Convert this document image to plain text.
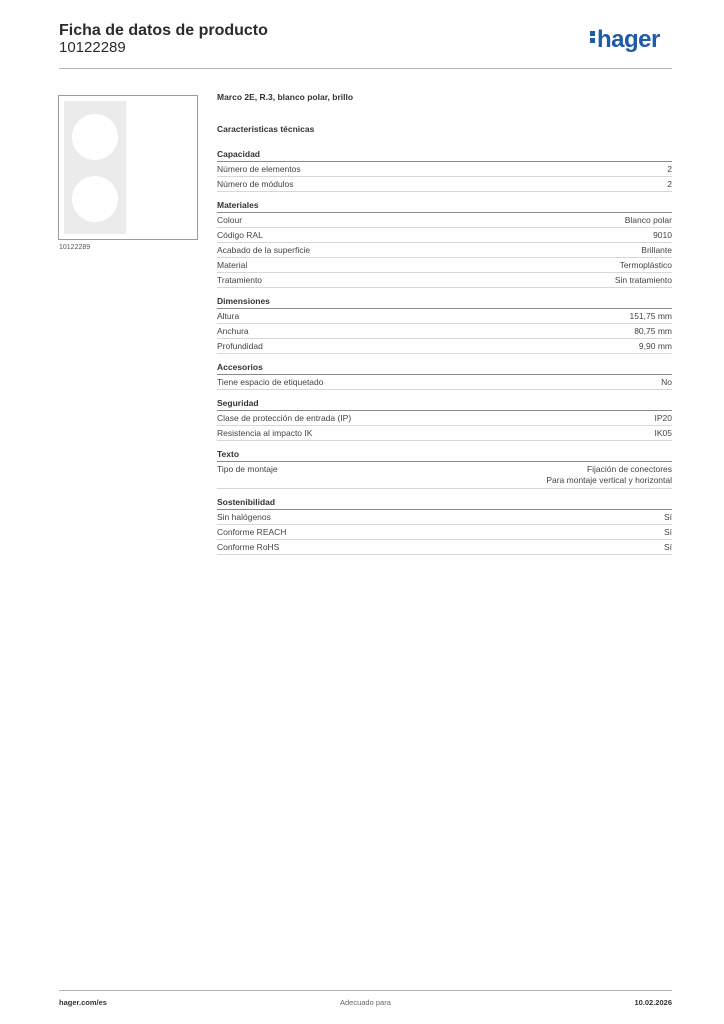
Ficha de datos de producto
10122289	hager
10122289
Marco 2E, R.3, blanco polar, brillo
Características técnicas
Capacidad
Número de elementos	2
Número de módulos	2
Materiales
Colour	Blanco polar
Código RAL	9010
Acabado de la superficie	Brillante
Material	Termoplástico
Tratamiento	Sin tratamiento
Dimensiones
Altura	151,75 mm
Anchura	80,75 mm
Profundidad	9,90 mm
Accesorios
Tiene espacio de etiquetado	No
Seguridad
Clase de protección de entrada (IP)	IP20
Resistencia al impacto IK	IK05
Texto
Tipo de montaje	Fijación de conectores
Para montaje vertical y horizontal
Sostenibilidad
Sin halógenos	Sí
Conforme REACH	Sí
Conforme RoHS	Sí
hager.com/es	Adecuado para	10.02.2026
